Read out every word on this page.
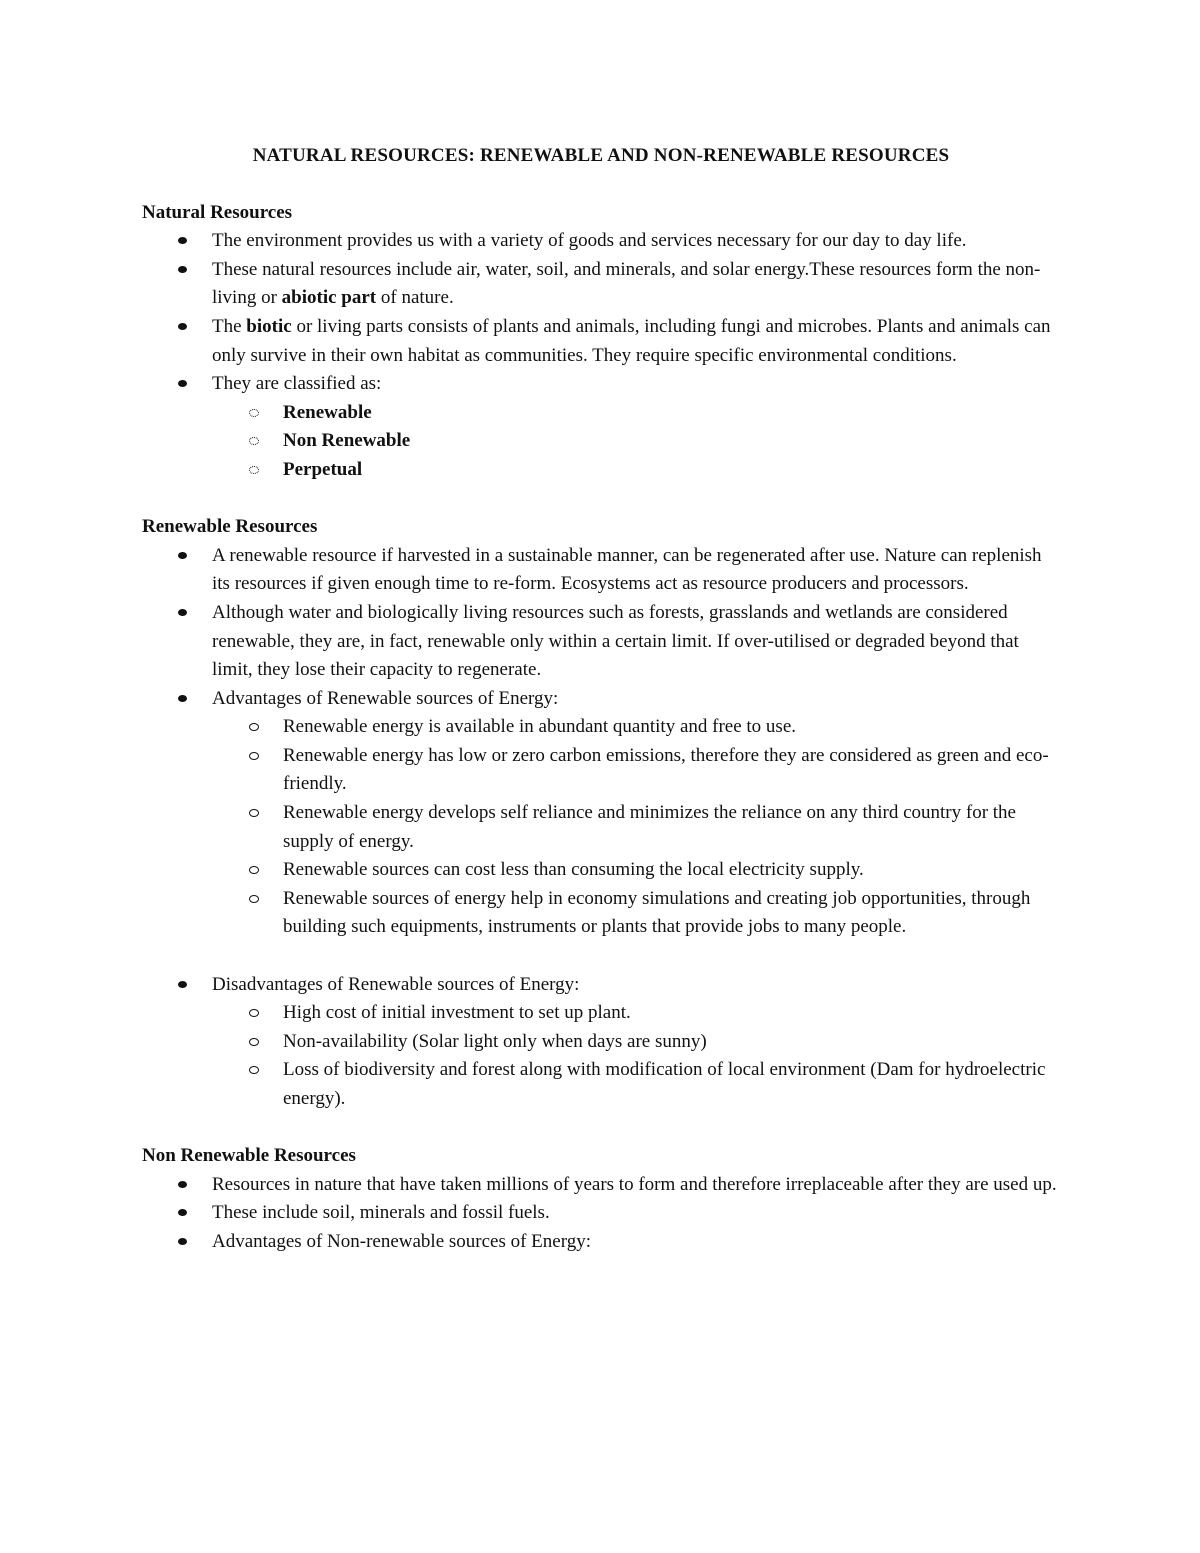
NATURAL RESOURCES: RENEWABLE AND NON-RENEWABLE RESOURCES
Natural Resources
The environment provides us with a variety of goods and services necessary for our day to day life.
These natural resources include air, water, soil, and minerals, and solar energy.These resources form the non-living or abiotic part of nature.
The biotic or living parts consists of plants and animals, including fungi and microbes. Plants and animals can only survive in their own habitat as communities. They require specific environmental conditions.
They are classified as:
Renewable
Non Renewable
Perpetual
Renewable Resources
A renewable resource if harvested in a sustainable manner, can be regenerated after use. Nature can replenish its resources if given enough time to re-form. Ecosystems act as resource producers and processors.
Although water and biologically living resources such as forests, grasslands and wetlands are considered renewable, they are, in fact, renewable only within a certain limit. If over-utilised or degraded beyond that limit, they lose their capacity to regenerate.
Advantages of Renewable sources of Energy:
Renewable energy is available in abundant quantity and free to use.
Renewable energy has low or zero carbon emissions, therefore they are considered as green and eco-friendly.
Renewable energy develops self reliance and minimizes the reliance on any third country for the supply of energy.
Renewable sources can cost less than consuming the local electricity supply.
Renewable sources of energy help in economy simulations and creating job opportunities, through building such equipments, instruments or plants that provide jobs to many people.
Disadvantages of Renewable sources of Energy:
High cost of initial investment to set up plant.
Non-availability (Solar light only when days are sunny)
Loss of biodiversity and forest along with modification of local environment (Dam for hydroelectric energy).
Non Renewable Resources
Resources in nature that have taken millions of years to form and therefore irreplaceable after they are used up.
These include soil, minerals and fossil fuels.
Advantages of Non-renewable sources of Energy:
